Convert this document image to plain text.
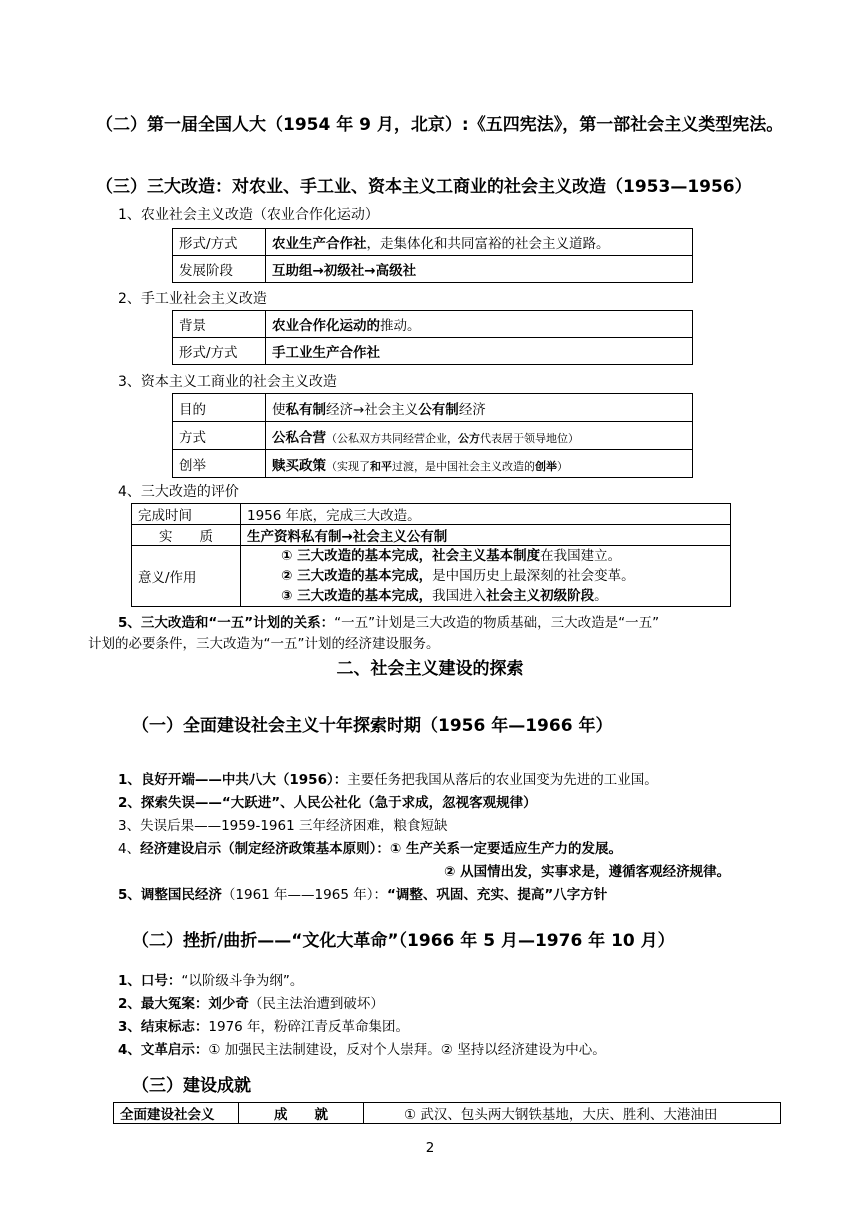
（二）第一届全国人大（1954 年 9 月，北京）:《五四宪法》，第一部社会主义类型宪法。
（三）三大改造：对农业、手工业、资本主义工商业的社会主义改造（1953—1956）
1、农业社会主义改造（农业合作化运动）
形式/方式	农业生产合作社，走集体化和共同富裕的社会主义道路。
发展阶段	互助组→初级社→高级社
2、手工业社会主义改造
背景	农业合作化运动的推动。
形式/方式	手工业生产合作社
3、资本主义工商业的社会主义改造
目的	使私有制经济→社会主义公有制经济
方式	公私合营（公私双方共同经营企业，公方代表居于领导地位）
创举	赎买政策（实现了和平过渡，是中国社会主义改造的创举）
4、三大改造的评价
完成时间	1956 年底，完成三大改造。
实　　质	生产资料私有制→社会主义公有制
意义/作用	① 三大改造的基本完成，社会主义基本制度在我国建立。
② 三大改造的基本完成，是中国历史上最深刻的社会变革。
③ 三大改造的基本完成，我国进入社会主义初级阶段。
5、三大改造和“一五”计划的关系：“一五”计划是三大改造的物质基础，三大改造是“一五”
计划的必要条件，三大改造为“一五”计划的经济建设服务。
二、社会主义建设的探索
（一）全面建设社会主义十年探索时期（1956 年—1966 年）
1、良好开端——中共八大（1956）：主要任务把我国从落后的农业国变为先进的工业国。
2、探索失误——“大跃进”、人民公社化（急于求成，忽视客观规律）
3、失误后果——1959-1961 三年经济困难，粮食短缺
4、经济建设启示（制定经济政策基本原则）：① 生产关系一定要适应生产力的发展。
② 从国情出发，实事求是，遵循客观经济规律。
5、调整国民经济（1961 年——1965 年）：“调整、巩固、充实、提高”八字方针
（二）挫折/曲折——“文化大革命”（1966 年 5 月—1976 年 10 月）
1、口号：“以阶级斗争为纲”。
2、最大冤案：刘少奇（民主法治遭到破坏）
3、结束标志：1976 年，粉碎江青反革命集团。
4、文革启示：① 加强民主法制建设，反对个人崇拜。② 坚持以经济建设为中心。
（三）建设成就
全面建设社会义	成　　就	① 武汉、包头两大钢铁基地，大庆、胜利、大港油田
2
